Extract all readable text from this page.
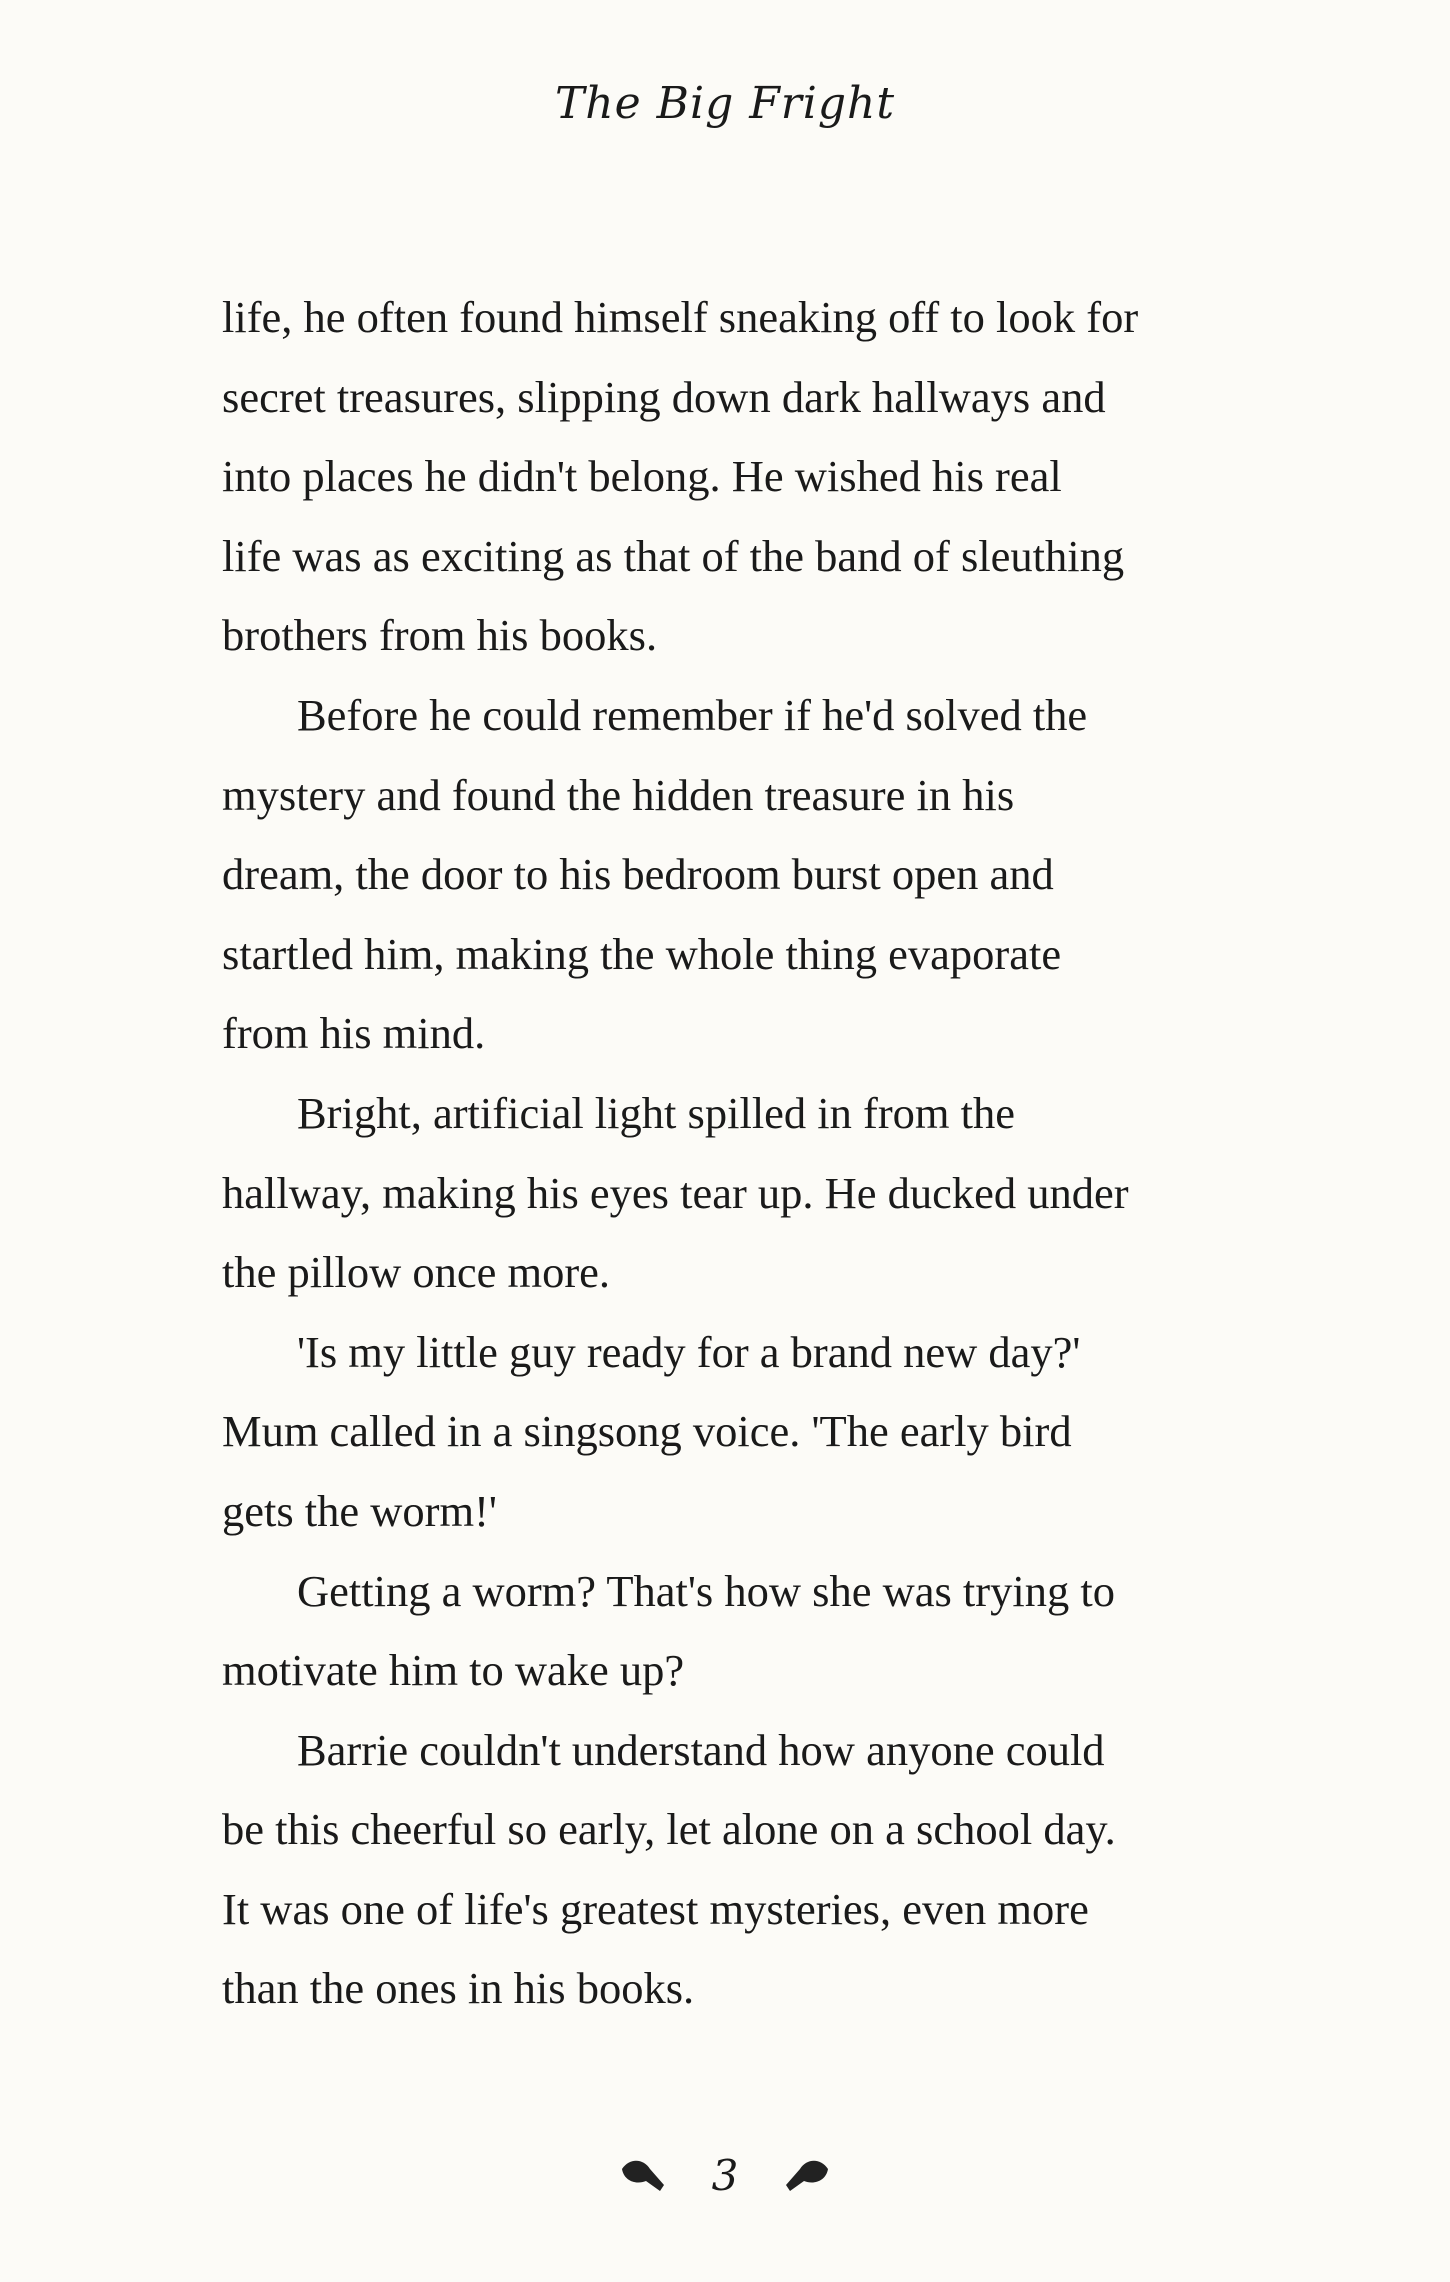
The Big Fright

life, he often found himself sneaking off to look for

secret treasures, slipping down dark hallways and

into places he didn't belong. He wished his real

life was as exciting as that of the band of sleuthing

brothers from his books.

Before he could remember if he'd solved the

mystery and found the hidden treasure in his

dream, the door to his bedroom burst open and

startled him, making the whole thing evaporate

from his mind.

Bright, artificial light spilled in from the

hallway, making his eyes tear up. He ducked under

the pillow once more.

'Is my little guy ready for a brand new day?'

Mum called in a singsong voice. 'The early bird

gets the worm!'

Getting a worm? That's how she was trying to

motivate him to wake up?

Barrie couldn't understand how anyone could

be this cheerful so early, let alone on a school day.

It was one of life's greatest mysteries, even more

than the ones in his books.

3
